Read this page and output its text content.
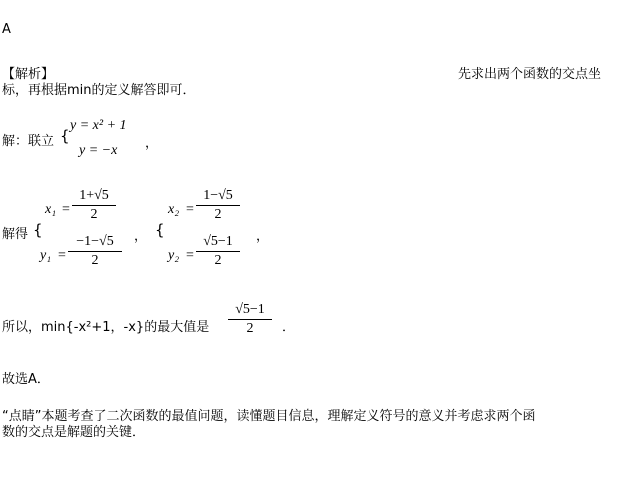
A
【解析】	先求出两个函数的交点坐
标，再根据min的定义解答即可．
解：联立 {
y = x² + 1
y = −x ，
解得 {
x₁ =
1+√5
2
y₁ =
−1−√5
2
， {
x₂ =
1−√5
2
y₂ =
√5−1
2
，
所以，min{-x²+1，-x}的最大值是
√5−1
2	．
故选A．
“点睛”本题考查了二次函数的最值问题，读懂题目信息，理解定义符号的意义并考虑求两个函
数的交点是解题的关键．
